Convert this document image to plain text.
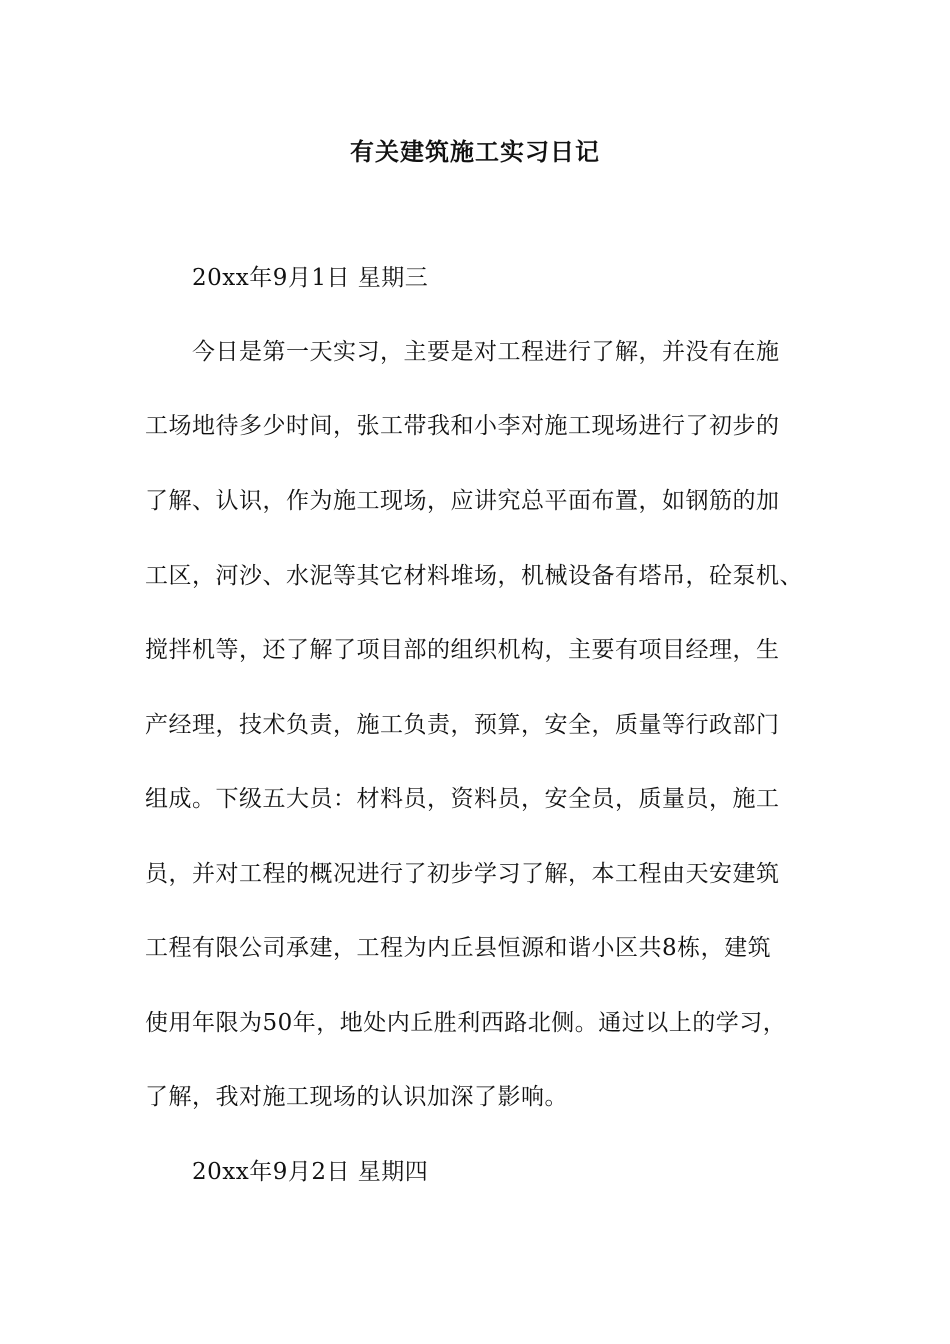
有关建筑施工实习日记
20xx年9月1日 星期三
今日是第一天实习，主要是对工程进行了解，并没有在施
工场地待多少时间，张工带我和小李对施工现场进行了初步的
了解、认识，作为施工现场，应讲究总平面布置，如钢筋的加
工区，河沙、水泥等其它材料堆场，机械设备有塔吊，砼泵机、
搅拌机等，还了解了项目部的组织机构，主要有项目经理，生
产经理，技术负责，施工负责，预算，安全，质量等行政部门
组成。下级五大员：材料员，资料员，安全员，质量员，施工
员，并对工程的概况进行了初步学习了解，本工程由天安建筑
工程有限公司承建，工程为内丘县恒源和谐小区共8栋，建筑
使用年限为50年，地处内丘胜利西路北侧。通过以上的学习，
了解，我对施工现场的认识加深了影响。
20xx年9月2日 星期四
